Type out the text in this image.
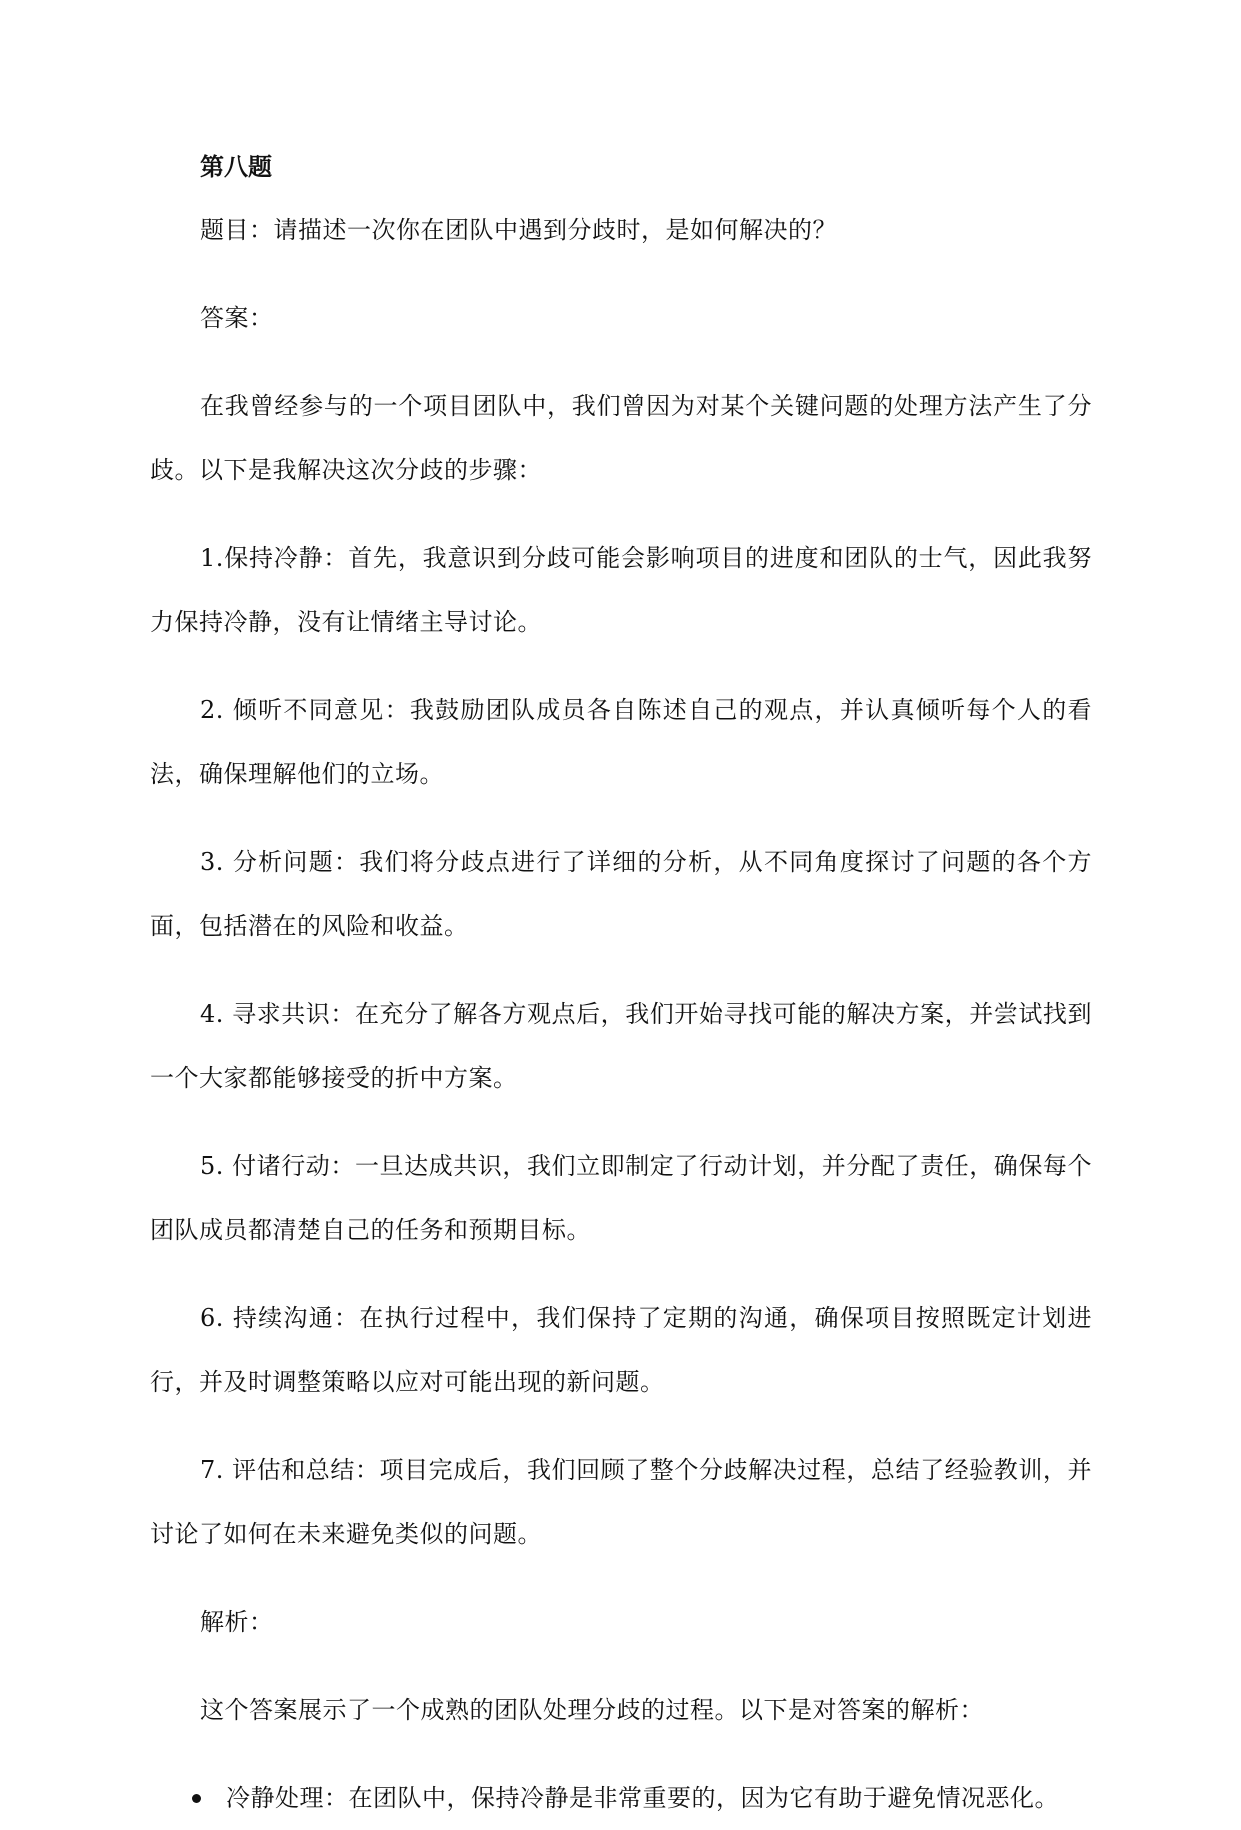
第八题

题目：请描述一次你在团队中遇到分歧时，是如何解决的？

答案：

在我曾经参与的一个项目团队中，我们曾因为对某个关键问题的处理方法产生了分歧。以下是我解决这次分歧的步骤：

1.保持冷静：首先，我意识到分歧可能会影响项目的进度和团队的士气，因此我努力保持冷静，没有让情绪主导讨论。

2. 倾听不同意见：我鼓励团队成员各自陈述自己的观点，并认真倾听每个人的看法，确保理解他们的立场。

3. 分析问题：我们将分歧点进行了详细的分析，从不同角度探讨了问题的各个方面，包括潜在的风险和收益。

4. 寻求共识：在充分了解各方观点后，我们开始寻找可能的解决方案，并尝试找到一个大家都能够接受的折中方案。

5. 付诸行动：一旦达成共识，我们立即制定了行动计划，并分配了责任，确保每个团队成员都清楚自己的任务和预期目标。

6. 持续沟通：在执行过程中，我们保持了定期的沟通，确保项目按照既定计划进行，并及时调整策略以应对可能出现的新问题。

7. 评估和总结：项目完成后，我们回顾了整个分歧解决过程，总结了经验教训，并讨论了如何在未来避免类似的问题。

解析：

这个答案展示了一个成熟的团队处理分歧的过程。以下是对答案的解析：

冷静处理：在团队中，保持冷静是非常重要的，因为它有助于避免情况恶化。
